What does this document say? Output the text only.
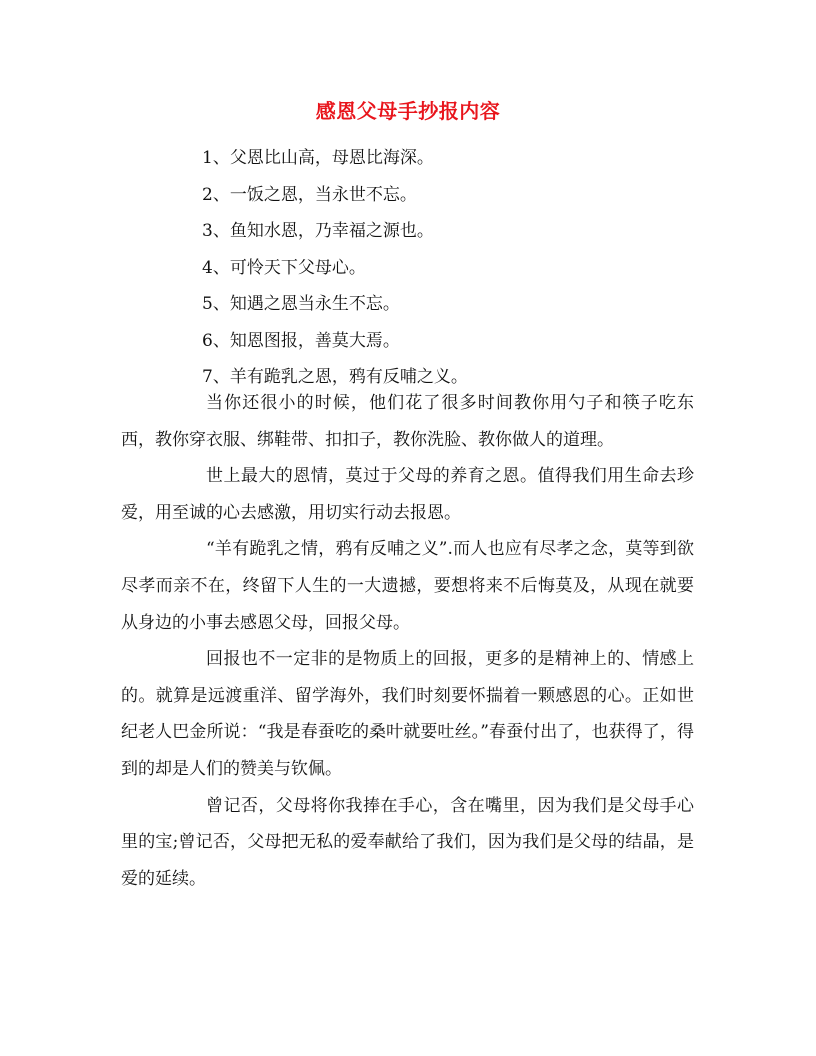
感恩父母手抄报内容
1、父恩比山高，母恩比海深。
2、一饭之恩，当永世不忘。
3、鱼知水恩，乃幸福之源也。
4、可怜天下父母心。
5、知遇之恩当永生不忘。
6、知恩图报，善莫大焉。
7、羊有跪乳之恩，鸦有反哺之义。

当你还很小的时候，他们花了很多时间教你用勺子和筷子吃东西，教你穿衣服、绑鞋带、扣扣子，教你洗脸、教你做人的道理。

世上最大的恩情，莫过于父母的养育之恩。值得我们用生命去珍爱，用至诚的心去感激，用切实行动去报恩。

“羊有跪乳之情，鸦有反哺之义”.而人也应有尽孝之念，莫等到欲尽孝而亲不在，终留下人生的一大遗撼，要想将来不后悔莫及，从现在就要从身边的小事去感恩父母，回报父母。

回报也不一定非的是物质上的回报，更多的是精神上的、情感上的。就算是远渡重洋、留学海外，我们时刻要怀揣着一颗感恩的心。正如世纪老人巴金所说：“我是春蚕吃的桑叶就要吐丝。”春蚕付出了，也获得了，得到的却是人们的赞美与钦佩。

曾记否，父母将你我捧在手心，含在嘴里，因为我们是父母手心里的宝;曾记否，父母把无私的爱奉献给了我们，因为我们是父母的结晶，是爱的延续。
